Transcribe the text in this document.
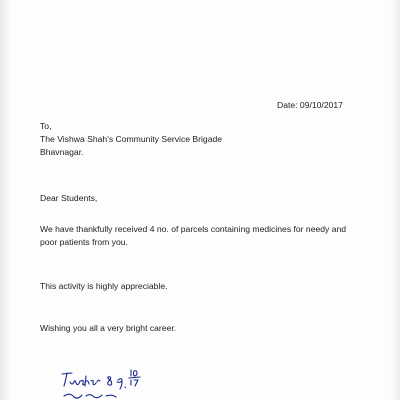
Date: 09/10/2017
To,
The Vishwa Shah's Community Service Brigade
Bhavnagar.
Dear Students,
We have thankfully received 4 no. of parcels containing medicines for needy and
poor patients from you.
This activity is highly appreciable.
Wishing you all a very bright career.
